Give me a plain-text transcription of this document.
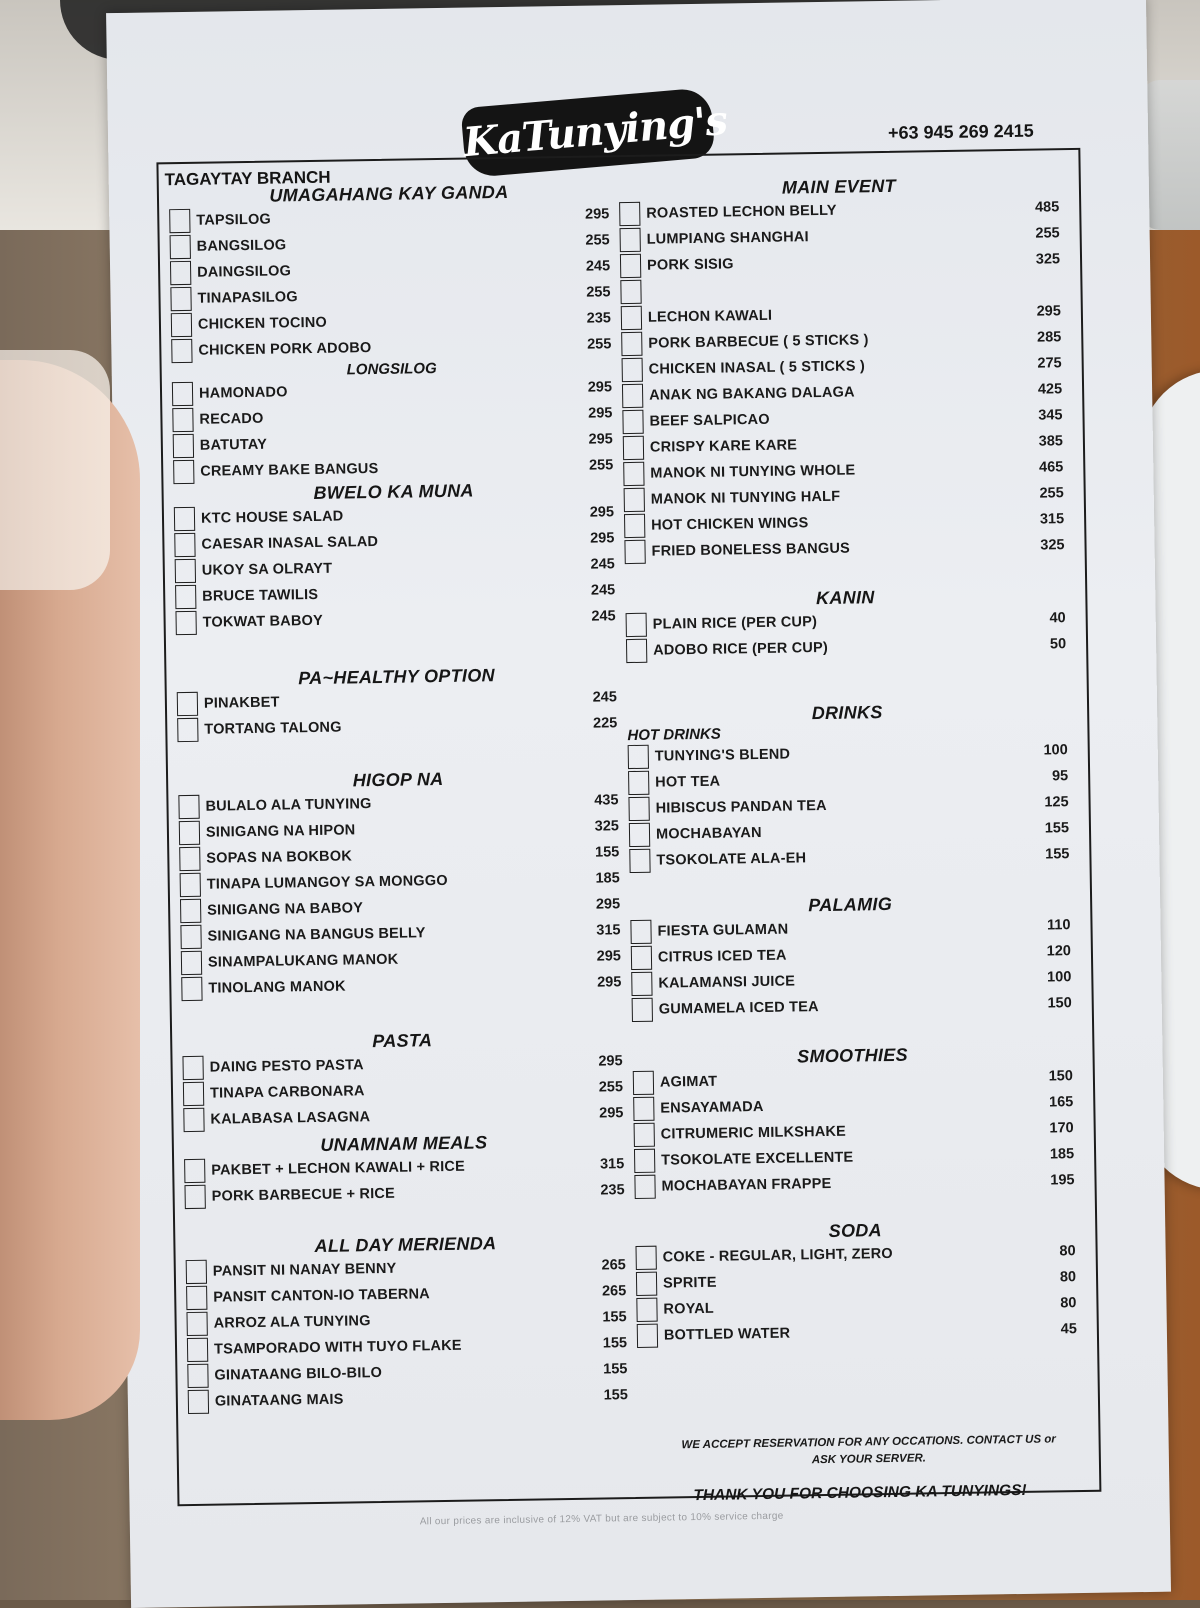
KaTunying's
TAGAYTAY BRANCH
+63 945 269 2415

UMAGAHANG KAY GANDA

TAPSILOG	295
BANGSILOG	255
DAINGSILOG	245
TINAPASILOG	255
CHICKEN TOCINO	235
CHICKEN PORK ADOBO	255

LONGSILOG

HAMONADO	295
RECADO	295
BATUTAY	295
CREAMY BAKE BANGUS	255

BWELO KA MUNA

KTC HOUSE SALAD	295
CAESAR INASAL SALAD	295
UKOY SA OLRAYT	245
BRUCE TAWILIS	245
TOKWAT BABOY	245

PA~HEALTHY OPTION

PINAKBET	245
TORTANG TALONG	225

HIGOP NA

BULALO ALA TUNYING	435
SINIGANG NA HIPON	325
SOPAS NA BOKBOK	155
TINAPA LUMANGOY SA MONGGO	185
SINIGANG NA BABOY	295
SINIGANG NA BANGUS BELLY	315
SINAMPALUKANG MANOK	295
TINOLANG MANOK	295

PASTA

DAING PESTO PASTA	295
TINAPA CARBONARA	255
KALABASA LASAGNA	295

UNAMNAM MEALS

PAKBET + LECHON KAWALI + RICE	315
PORK BARBECUE + RICE	235

ALL DAY MERIENDA

PANSIT NI NANAY BENNY	265
PANSIT CANTON-IO TABERNA	265
ARROZ ALA TUNYING	155
TSAMPORADO WITH TUYO FLAKE	155
GINATAANG BILO-BILO	155
GINATAANG MAIS	155

MAIN EVENT

ROASTED LECHON BELLY	485
LUMPIANG SHANGHAI	255
PORK SISIG	325
LECHON KAWALI	295
PORK BARBECUE ( 5 STICKS )	285
CHICKEN INASAL ( 5 STICKS )	275
ANAK NG BAKANG DALAGA	425
BEEF SALPICAO	345
CRISPY KARE KARE	385
MANOK NI TUNYING WHOLE	465
MANOK NI TUNYING HALF	255
HOT CHICKEN WINGS	315
FRIED BONELESS BANGUS	325

KANIN

PLAIN RICE (PER CUP)	40
ADOBO RICE (PER CUP)	50

DRINKS

HOT DRINKS

TUNYING'S BLEND	100
HOT TEA	95
HIBISCUS PANDAN TEA	125
MOCHABAYAN	155
TSOKOLATE ALA-EH	155

PALAMIG

FIESTA GULAMAN	110
CITRUS ICED TEA	120
KALAMANSI JUICE	100
GUMAMELA ICED TEA	150

SMOOTHIES

AGIMAT	150
ENSAYAMADA	165
CITRUMERIC MILKSHAKE	170
TSOKOLATE EXCELLENTE	185
MOCHABAYAN FRAPPE	195

SODA

COKE - REGULAR, LIGHT, ZERO	80
SPRITE	80
ROYAL	80
BOTTLED WATER	45
WE ACCEPT RESERVATION FOR ANY OCCATIONS. CONTACT US or ASK YOUR SERVER.
THANK YOU FOR CHOOSING KA TUNYINGS!
All our prices are inclusive of 12% VAT but are subject to 10% service charge
